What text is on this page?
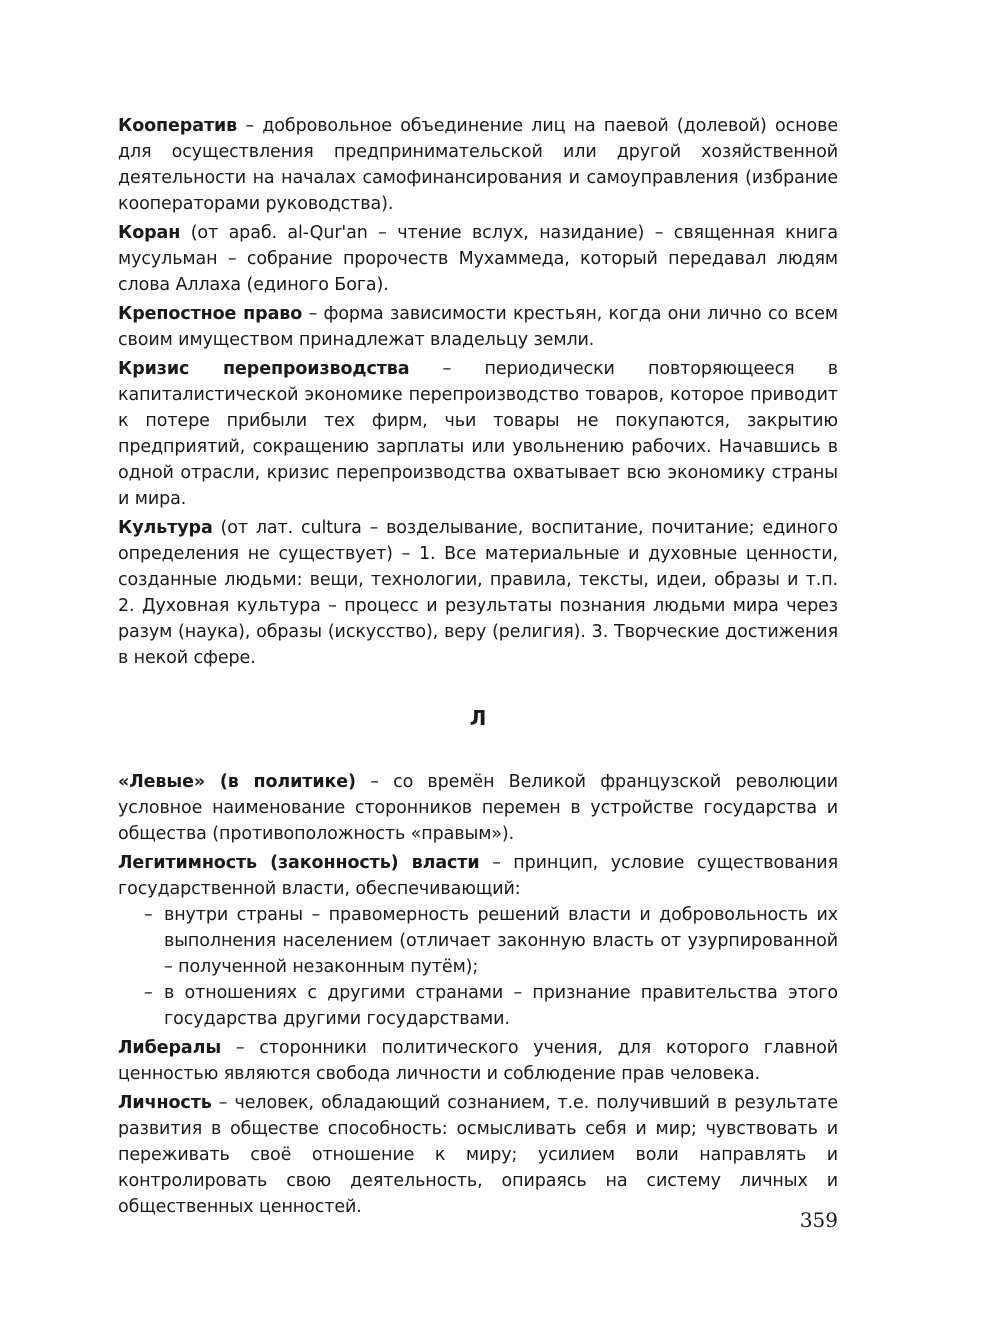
Кооператив – добровольное объединение лиц на паевой (долевой) основе для осуществления предпринимательской или другой хозяйственной деятельности на началах самофинансирования и самоуправления (избрание кооператорами руководства).

Коран (от араб. al-Qur'an – чтение вслух, назидание) – священная книга мусульман – собрание пророчеств Мухаммеда, который передавал людям слова Аллаха (единого Бога).

Крепостное право – форма зависимости крестьян, когда они лично со всем своим имуществом принадлежат владельцу земли.

Кризис перепроизводства – периодически повторяющееся в капиталистической экономике перепроизводство товаров, которое приводит к потере прибыли тех фирм, чьи товары не покупаются, закрытию предприятий, сокращению зарплаты или увольнению рабочих. Начавшись в одной отрасли, кризис перепроизводства охватывает всю экономику страны и мира.

Культура (от лат. cultura – возделывание, воспитание, почитание; единого определения не существует) – 1. Все материальные и духовные ценности, созданные людьми: вещи, технологии, правила, тексты, идеи, образы и т.п. 2. Духовная культура – процесс и результаты познания людьми мира через разум (наука), образы (искусство), веру (религия). 3. Творческие достижения в некой сфере.

Л

«Левые» (в политике) – со времён Великой французской революции условное наименование сторонников перемен в устройстве государства и общества (противоположность «правым»).

Легитимность (законность) власти – принцип, условие существования государственной власти, обеспечивающий:

– внутри страны – правомерность решений власти и добровольность их выполнения населением (отличает законную власть от узурпированной – полученной незаконным путём);

– в отношениях с другими странами – признание правительства этого государства другими государствами.

Либералы – сторонники политического учения, для которого главной ценностью являются свобода личности и соблюдение прав человека.

Личность – человек, обладающий сознанием, т.е. получивший в результате развития в обществе способность: осмысливать себя и мир; чувствовать и переживать своё отношение к миру; усилием воли направлять и контролировать свою деятельность, опираясь на систему личных и общественных ценностей.

359
